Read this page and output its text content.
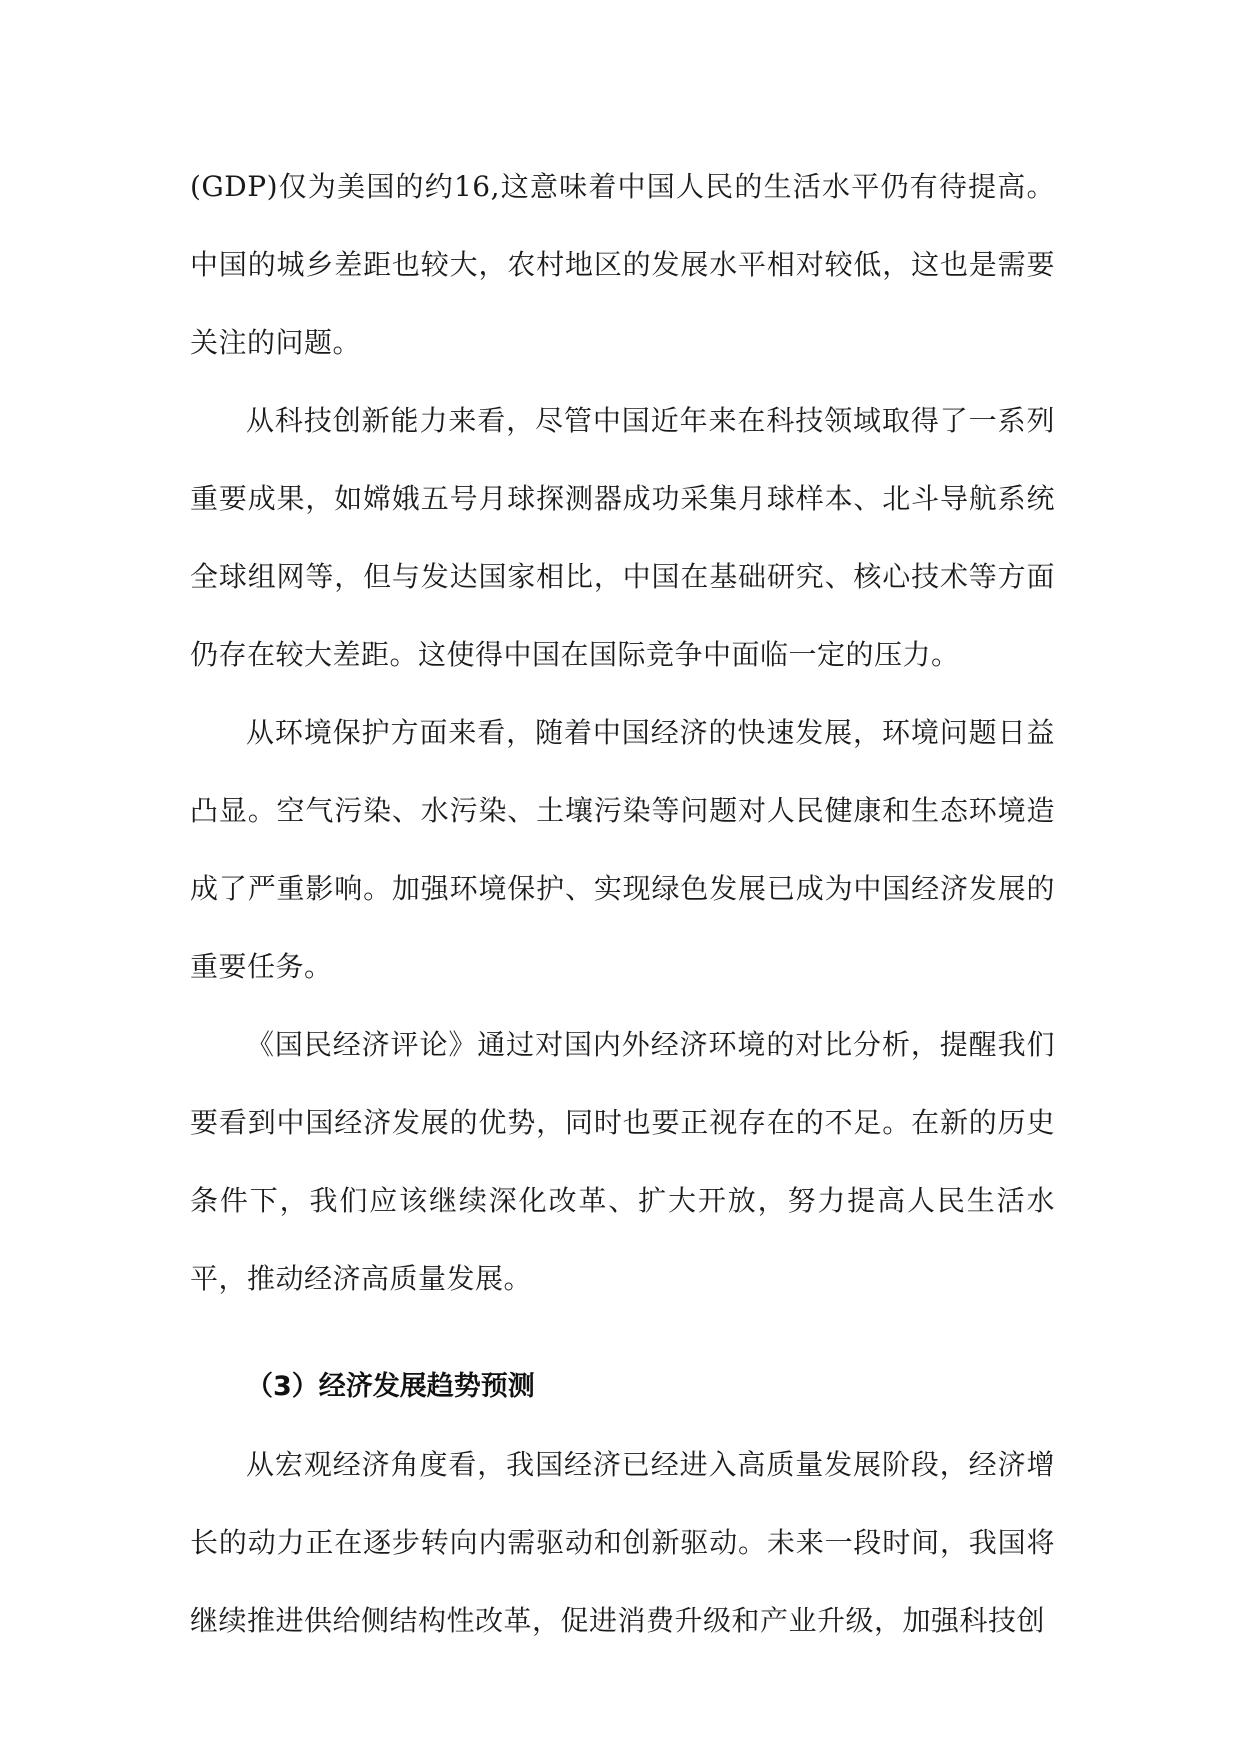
(GDP)仅为美国的约16,这意味着中国人民的生活水平仍有待提高。中国的城乡差距也较大，农村地区的发展水平相对较低，这也是需要关注的问题。

从科技创新能力来看，尽管中国近年来在科技领域取得了一系列重要成果，如嫦娥五号月球探测器成功采集月球样本、北斗导航系统全球组网等，但与发达国家相比，中国在基础研究、核心技术等方面仍存在较大差距。这使得中国在国际竞争中面临一定的压力。

从环境保护方面来看，随着中国经济的快速发展，环境问题日益凸显。空气污染、水污染、土壤污染等问题对人民健康和生态环境造成了严重影响。加强环境保护、实现绿色发展已成为中国经济发展的重要任务。

《国民经济评论》通过对国内外经济环境的对比分析，提醒我们要看到中国经济发展的优势，同时也要正视存在的不足。在新的历史条件下，我们应该继续深化改革、扩大开放，努力提高人民生活水平，推动经济高质量发展。

（3）经济发展趋势预测

从宏观经济角度看，我国经济已经进入高质量发展阶段，经济增长的动力正在逐步转向内需驱动和创新驱动。未来一段时间，我国将继续推进供给侧结构性改革，促进消费升级和产业升级，加强科技创
